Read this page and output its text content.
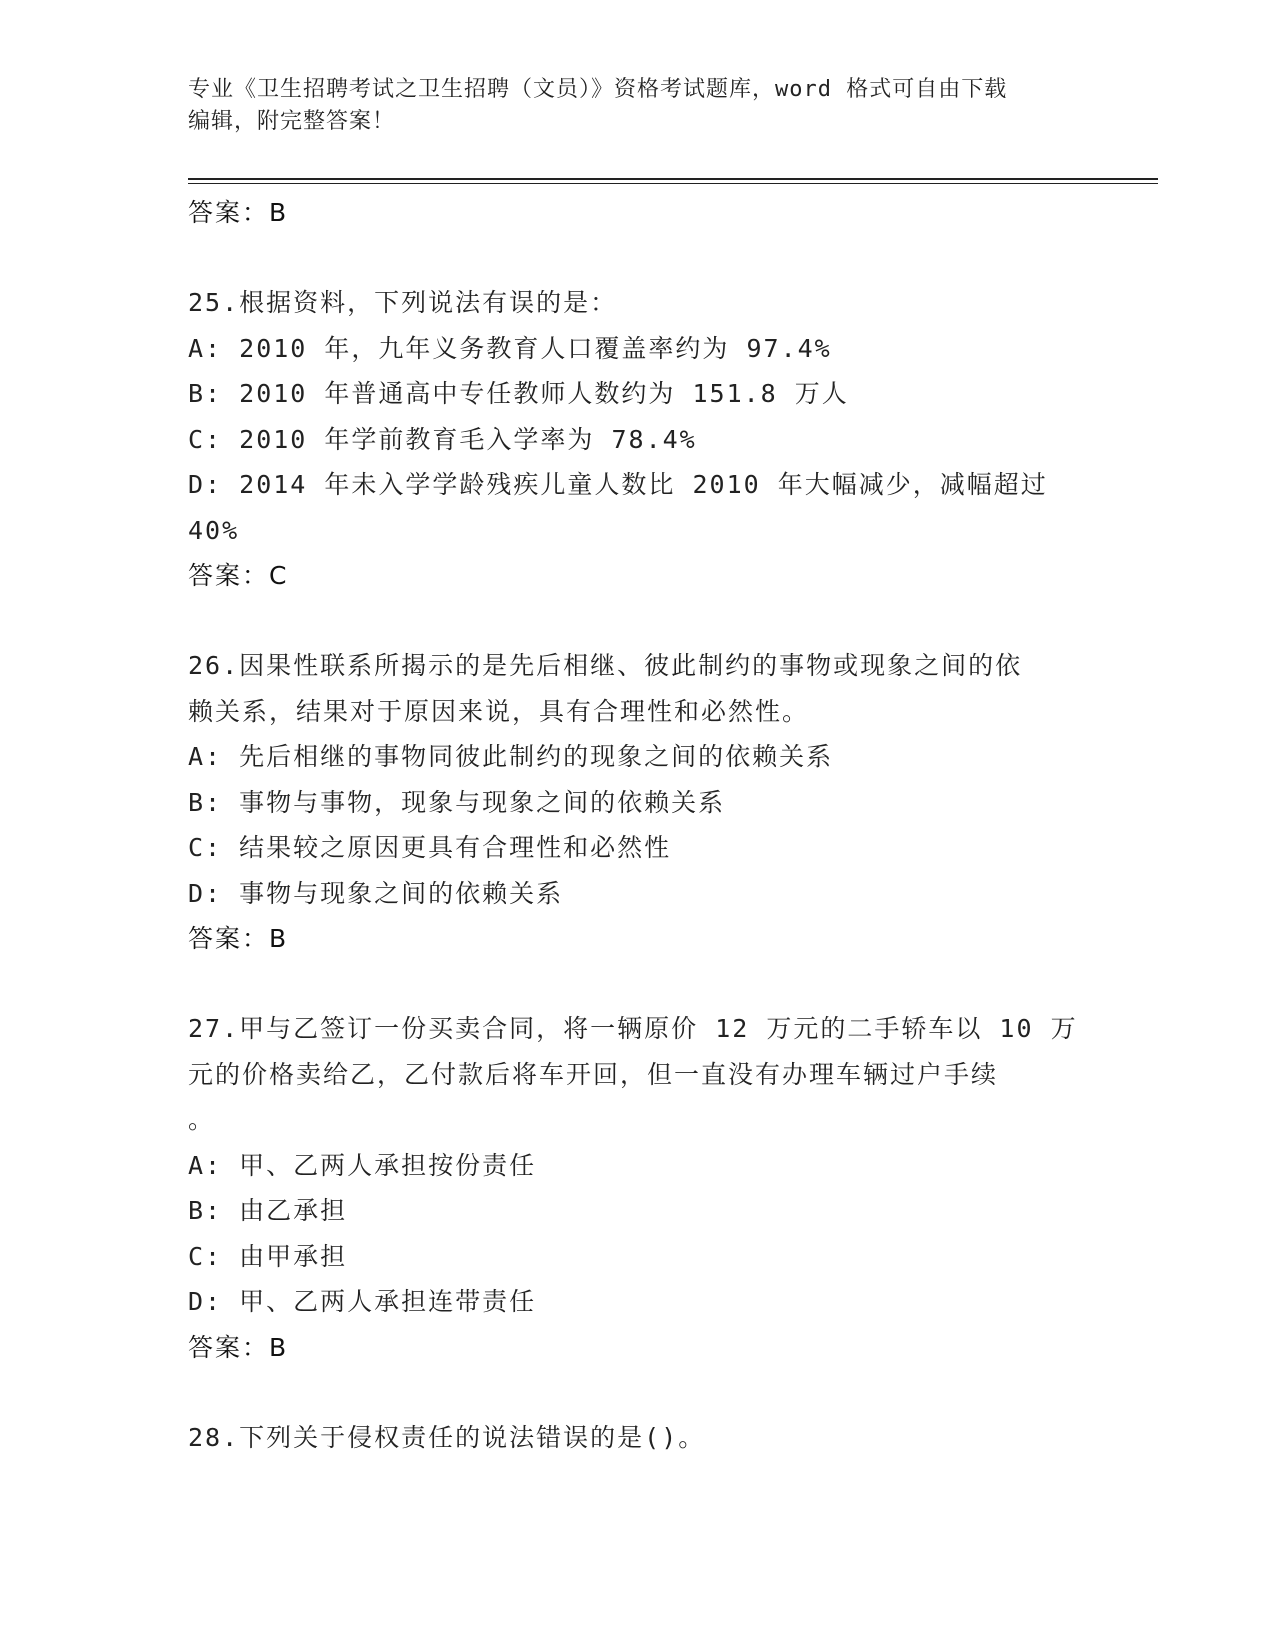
专业《卫生招聘考试之卫生招聘（文员）》资格考试题库，word 格式可自由下载
编辑，附完整答案！
答案：B
25.根据资料，下列说法有误的是：
A: 2010 年，九年义务教育人口覆盖率约为 97.4%
B: 2010 年普通高中专任教师人数约为 151.8 万人
C: 2010 年学前教育毛入学率为 78.4%
D: 2014 年未入学学龄残疾儿童人数比 2010 年大幅减少，减幅超过
40%
答案：C
26.因果性联系所揭示的是先后相继、彼此制约的事物或现象之间的依
赖关系，结果对于原因来说，具有合理性和必然性。
A: 先后相继的事物同彼此制约的现象之间的依赖关系
B: 事物与事物，现象与现象之间的依赖关系
C: 结果较之原因更具有合理性和必然性
D: 事物与现象之间的依赖关系
答案：B
27.甲与乙签订一份买卖合同，将一辆原价 12 万元的二手轿车以 10 万
元的价格卖给乙，乙付款后将车开回，但一直没有办理车辆过户手续
。
A: 甲、乙两人承担按份责任
B: 由乙承担
C: 由甲承担
D: 甲、乙两人承担连带责任
答案：B
28.下列关于侵权责任的说法错误的是()。
